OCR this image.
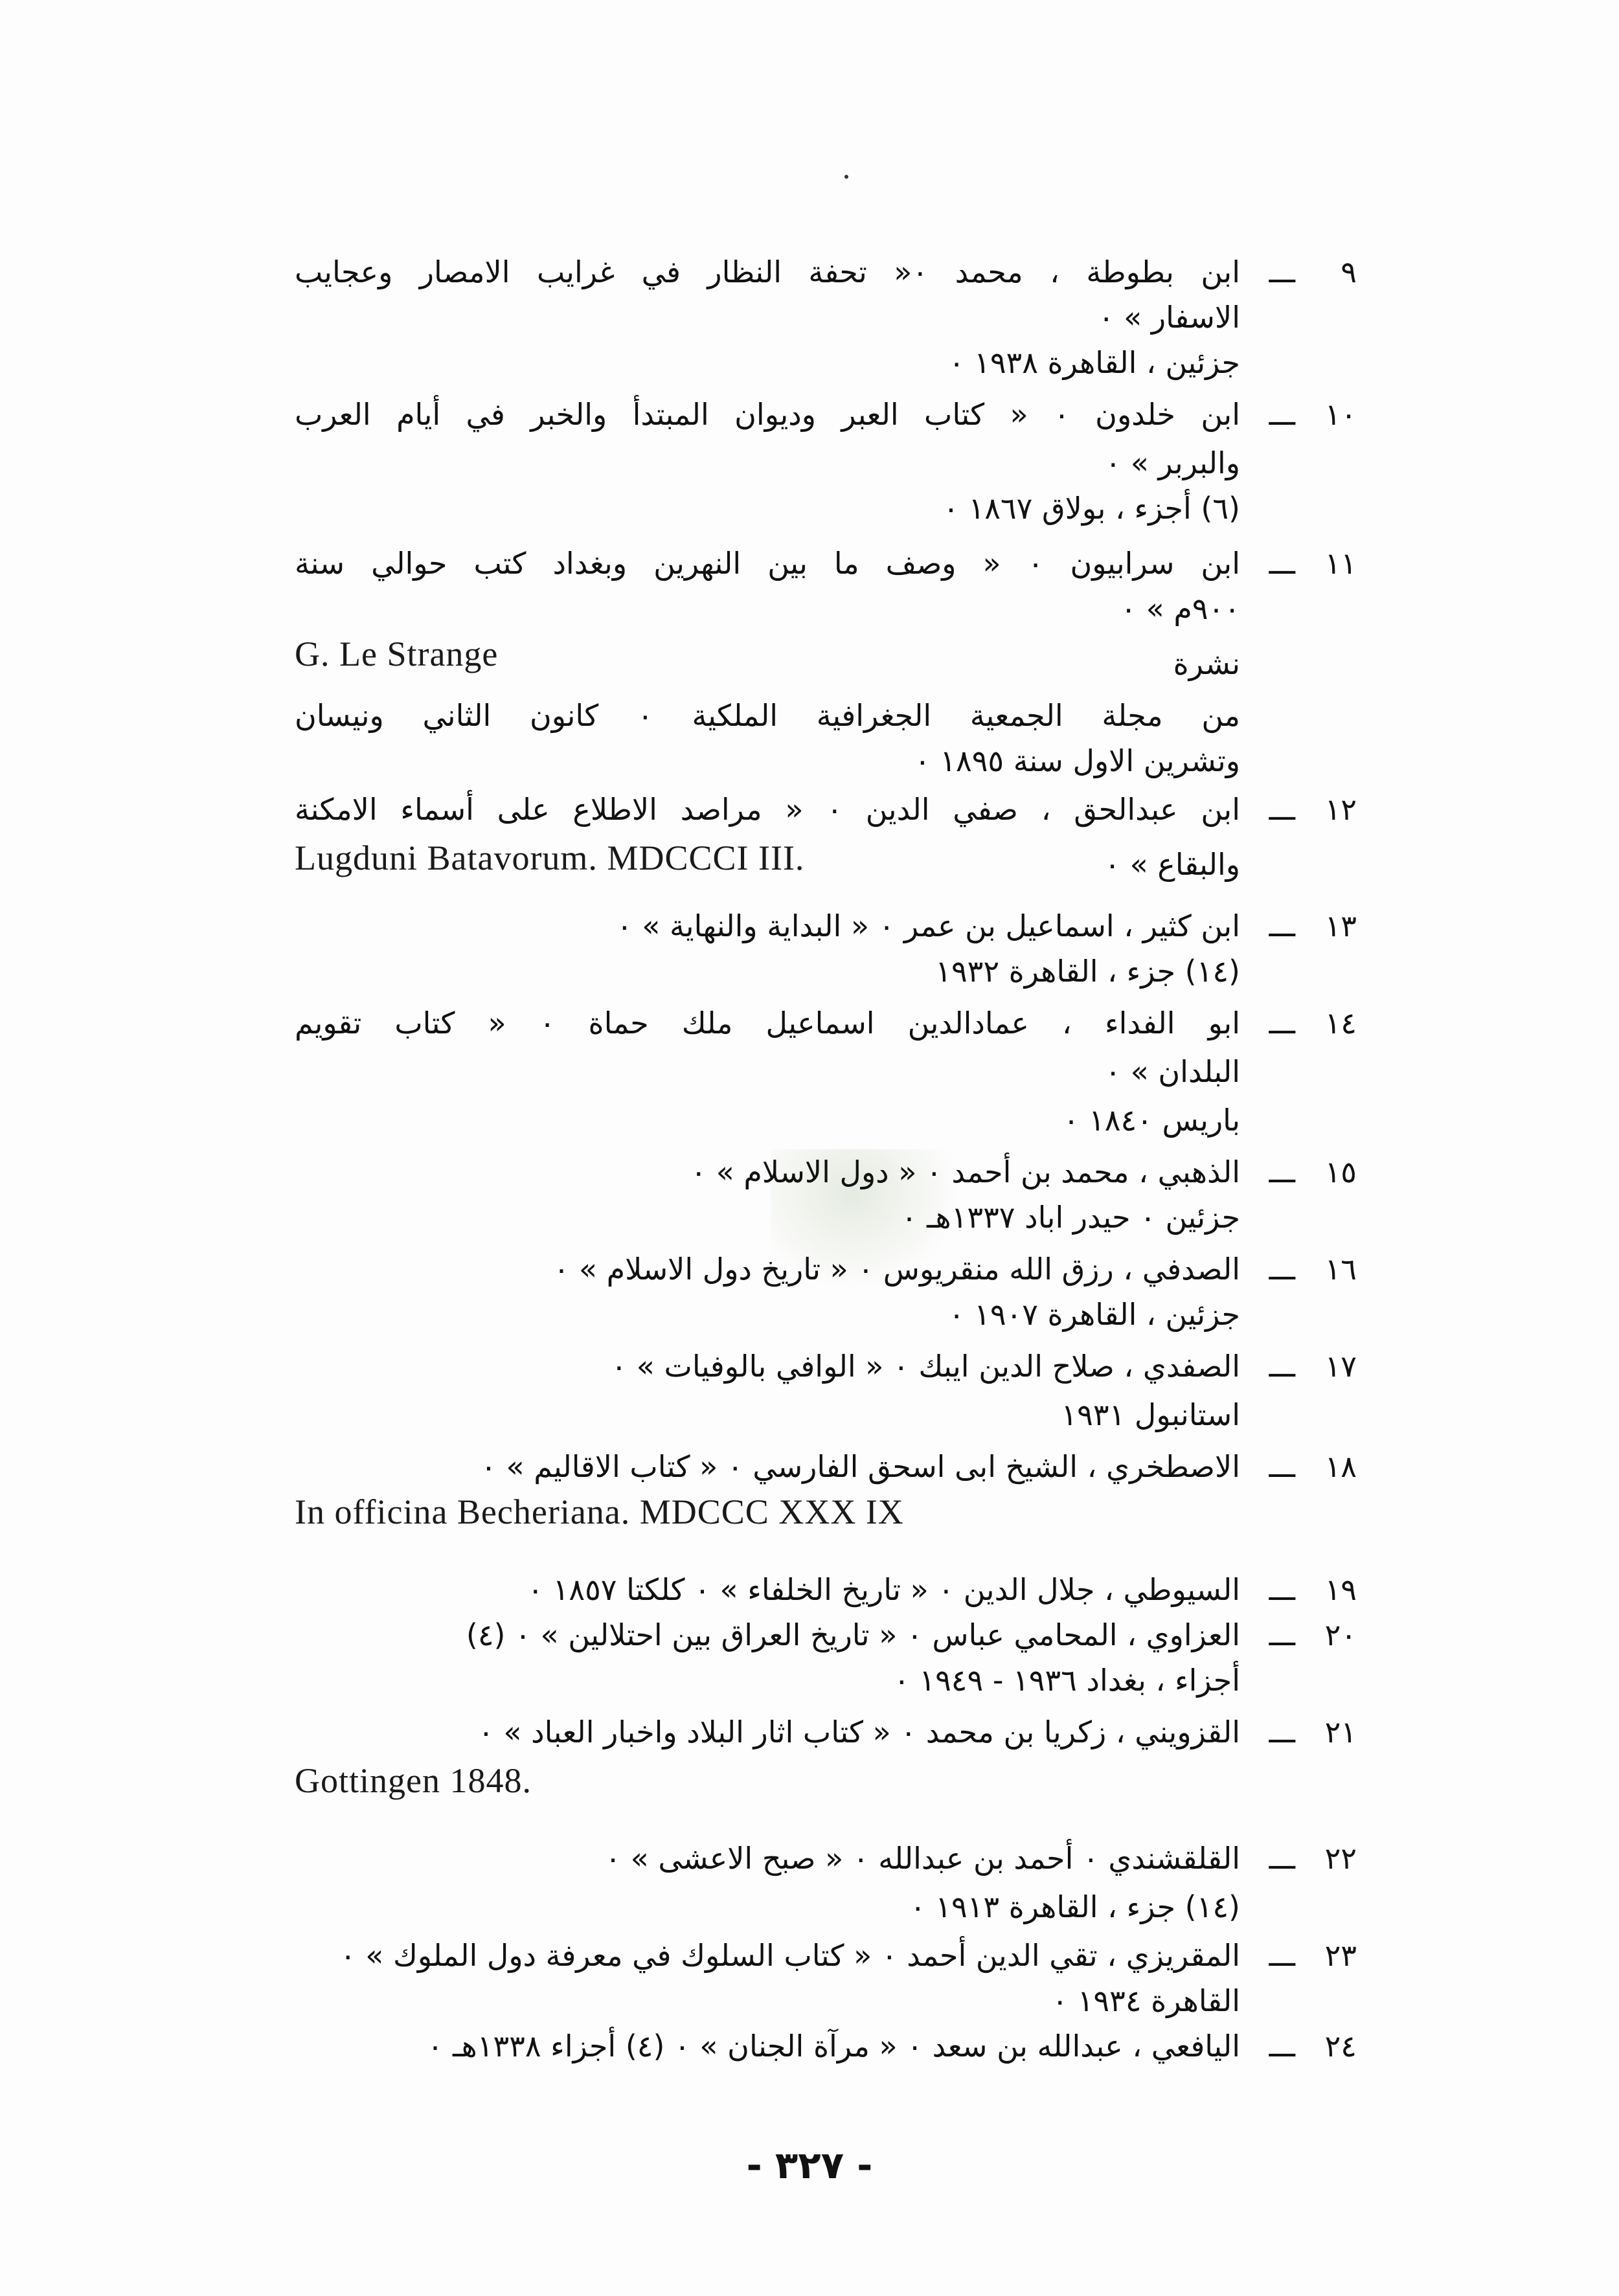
٩
ـــ
ابن بطوطة ، محمد ٠« تحفة النظار في غرايب الامصار وعجايب
الاسفار » ٠
جزئين ، القاهرة ١٩٣٨ ٠
١٠
ـــ
ابن خلدون ٠ « كتاب العبر وديوان المبتدأ والخبر في أيام العرب
والبربر » ٠
(٦) أجزء ، بولاق ١٨٦٧ ٠
١١
ـــ
ابن سرابيون ٠ « وصف ما بين النهرين وبغداد كتب حوالي سنة
٩٠٠م » ٠
G. Le Strange	نشرة
من مجلة الجمعية الجغرافية الملكية ٠ كانون الثاني ونيسان
وتشرين الاول سنة ١٨٩٥ ٠
١٢
ـــ
ابن عبدالحق ، صفي الدين ٠ « مراصد الاطلاع على أسماء الامكنة
Lugduni Batavorum. MDCCCI III.	والبقاع » ٠
١٣
ـــ
ابن كثير ، اسماعيل بن عمر ٠ « البداية والنهاية » ٠
(١٤) جزء ، القاهرة ١٩٣٢
١٤
ـــ
ابو الفداء ، عمادالدين اسماعيل ملك حماة ٠ « كتاب تقويم
البلدان » ٠
باريس ١٨٤٠ ٠
١٥
ـــ
الذهبي ، محمد بن أحمد ٠ « دول الاسلام » ٠
جزئين ٠ حيدر اباد ١٣٣٧هـ ٠
١٦
ـــ
الصدفي ، رزق الله منقريوس ٠ « تاريخ دول الاسلام » ٠
جزئين ، القاهرة ١٩٠٧ ٠
١٧
ـــ
الصفدي ، صلاح الدين ايبك ٠ « الوافي بالوفيات » ٠
استانبول ١٩٣١
١٨
ـــ
الاصطخري ، الشيخ ابى اسحق الفارسي ٠ « كتاب الاقاليم » ٠
In officina Becheriana. MDCCC XXX IX
١٩
ـــ
السيوطي ، جلال الدين ٠ « تاريخ الخلفاء » ٠ كلكتا ١٨٥٧ ٠
٢٠
ـــ
العزاوي ، المحامي عباس ٠ « تاريخ العراق بين احتلالين » ٠ (٤)
أجزاء ، بغداد ١٩٣٦ - ١٩٤٩ ٠
٢١
ـــ
القزويني ، زكريا بن محمد ٠ « كتاب اثار البلاد واخبار العباد » ٠
Gottingen 1848.
٢٢
ـــ
القلقشندي ٠ أحمد بن عبدالله ٠ « صبح الاعشى » ٠
(١٤) جزء ، القاهرة ١٩١٣ ٠
٢٣
ـــ
المقريزي ، تقي الدين أحمد ٠ « كتاب السلوك في معرفة دول الملوك » ٠
القاهرة ١٩٣٤ ٠
٢٤
ـــ
اليافعي ، عبدالله بن سعد ٠ « مرآة الجنان » ٠ (٤) أجزاء ١٣٣٨هـ ٠
- ٣٢٧ -
